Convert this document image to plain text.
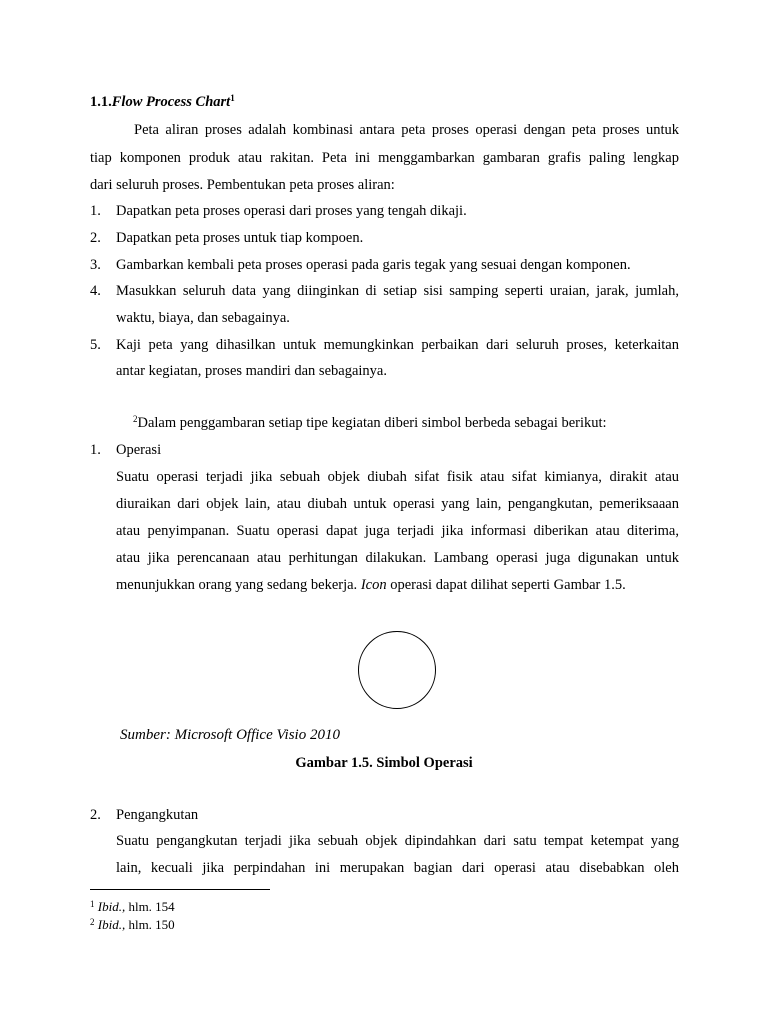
1.1.Flow Process Chart$^1$
Peta aliran proses adalah kombinasi antara peta proses operasi dengan peta proses untuk
tiap komponen produk atau rakitan. Peta ini menggambarkan gambaran grafis paling lengkap
dari seluruh proses. Pembentukan peta proses aliran:
1. Dapatkan peta proses operasi dari proses yang tengah dikaji.
2. Dapatkan peta proses untuk tiap kompoen.
3. Gambarkan kembali peta proses operasi pada garis tegak yang sesuai dengan komponen.
4. Masukkan seluruh data yang diinginkan di setiap sisi samping seperti uraian, jarak, jumlah,
waktu, biaya, dan sebagainya.
5. Kaji peta yang dihasilkan untuk memungkinkan perbaikan dari seluruh proses, keterkaitan
antar kegiatan, proses mandiri dan sebagainya.
$^2$Dalam penggambaran setiap tipe kegiatan diberi simbol berbeda sebagai berikut:
1. Operasi
Suatu operasi terjadi jika sebuah objek diubah sifat fisik atau sifat kimianya, dirakit atau
diuraikan dari objek lain, atau diubah untuk operasi yang lain, pengangkutan, pemeriksaaan
atau penyimpanan. Suatu operasi dapat juga terjadi jika informasi diberikan atau diterima,
atau jika perencanaan atau perhitungan dilakukan. Lambang operasi juga digunakan untuk
menunjukkan orang yang sedang bekerja. Icon operasi dapat dilihat seperti Gambar 1.5.
Sumber: Microsoft Office Visio 2010
Gambar 1.5. Simbol Operasi
2. Pengangkutan
Suatu pengangkutan terjadi jika sebuah objek dipindahkan dari satu tempat ketempat yang
lain, kecuali jika perpindahan ini merupakan bagian dari operasi atau disebabkan oleh
$^1$ Ibid., hlm. 154
$^2$ Ibid., hlm. 150
